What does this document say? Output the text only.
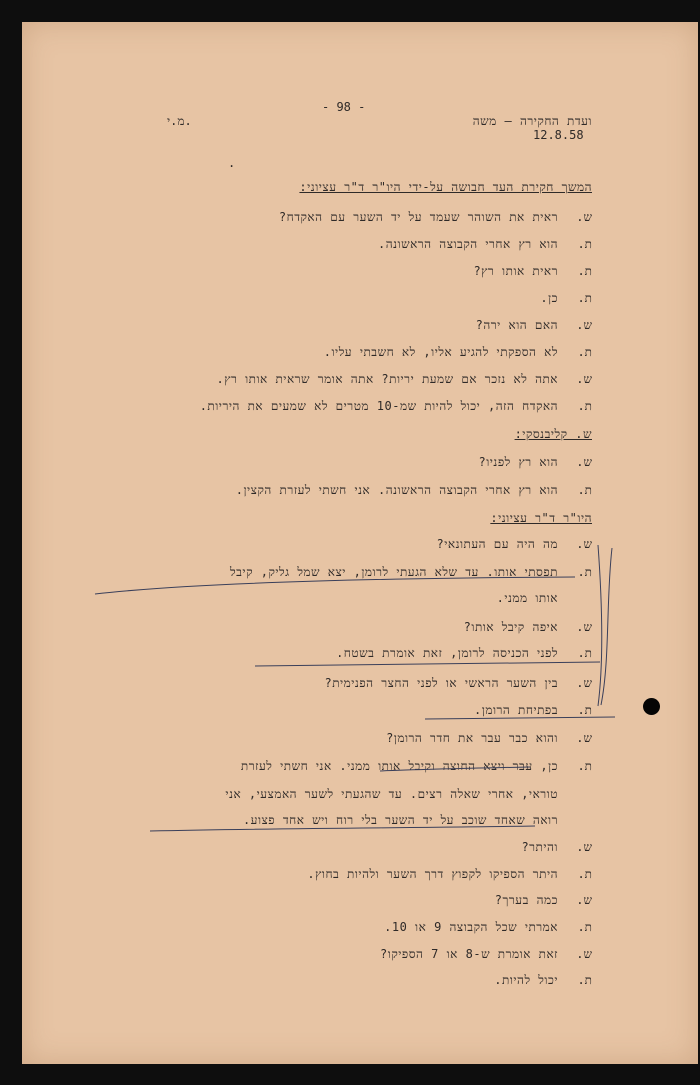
מ.י.
- 98 -
ועדת החקירה – משה
12.8.58
.
המשך חקירת העד חבושה על-ידי היו"ר ד"ר עציוני:
ש.
ראית את השוהר שעמד על יד השער עם האקדח?
ת.
הוא רץ אחרי הקבוצה הראשונה.
ת.
ראית אותו רץ?
ת.
כן.
ש.
האם הוא ירה?
ת.
לא הספקתי להגיע אליו, לא חשבתי עליו.
ש.
אתה לא נזכר אם שמעת יריות? אתה אומר שראית אותו רץ.
ת.
האקדח הזה, יכול להיות שמ-10 מטרים לא שמעים את היריות.
ש. קליבנסקי:
ש.
הוא רץ לפניו?
ת.
הוא רץ אחרי הקבוצה הראשונה. אני חשתי לעזרת הקצין.
היו"ר ד"ר עציוני:
ש.
מה היה עם העתונאי?
ת.
תפסתי אותו. עד שלא הגעתי לרומן, יצא שמל גליק, קיבל
אותו ממני.
ש.
איפה קיבל אותו?
ת.
לפני הכניסה לרומן, זאת אומרת בשטח.
ש.
בין השער הראשי או לפני החצר הפנימית?
ת.
בפתיחת הרומן.
ש.
והוא כבר עבר את חדר הרומן?
ת.
כן, עבר ויצא החוצה וקיבל אותו ממני. אני חשתי לעזרת
טוראי, אחרי שאלה רצים. עד שהגעתי לשער האמצעי, אני
רואה שאחד שוכב על יד השער בלי רוח ויש אחד פצוע.
ש.
והיתר?
ת.
היתר הספיקו לקפוץ דרך השער ולהיות בחוץ.
ש.
כמה בערך?
ת.
אמרתי שכל הקבוצה 9 או 10.
ש.
זאת אומרת ש-8 או 7 הספיקו?
ת.
יכול להיות.
